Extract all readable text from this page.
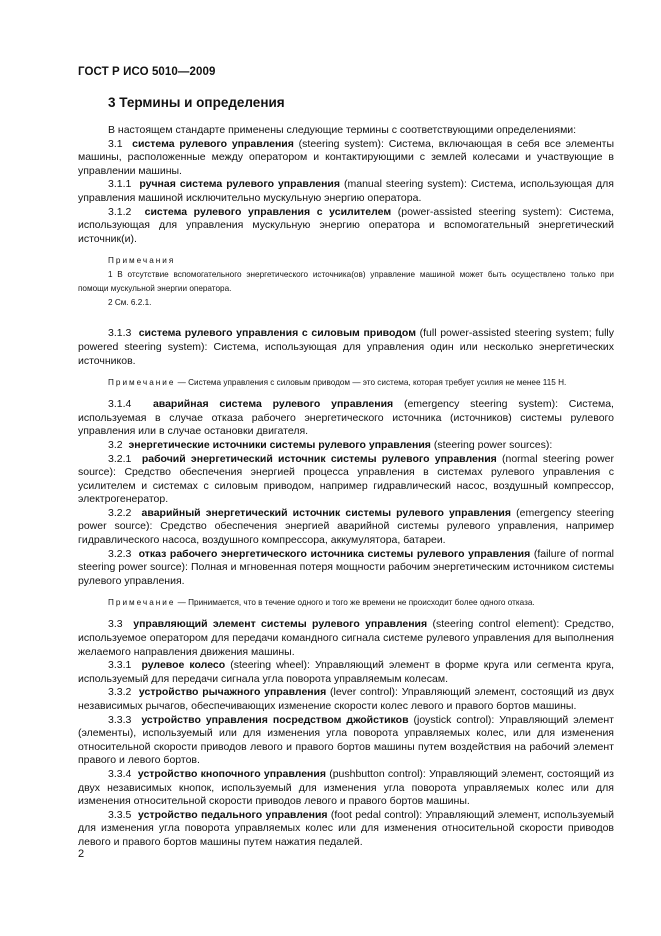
ГОСТ Р ИСО 5010—2009
3 Термины и определения

В настоящем стандарте применены следующие термины с соответствующими определениями:

3.1 система рулевого управления (steering system): Система, включающая в себя все элементы машины, расположенные между оператором и контактирующими с землей колесами и участвующие в управлении машины.

3.1.1 ручная система рулевого управления (manual steering system): Система, использующая для управления машиной исключительно мускульную энергию оператора.

3.1.2 система рулевого управления с усилителем (power-assisted steering system): Система, использующая для управления мускульную энергию оператора и вспомогательный энергетический источник(и).

Примечания

1 В отсутствие вспомогательного энергетического источника(ов) управление машиной может быть осуществлено только при помощи мускульной энергии оператора.

2 См. 6.2.1.

3.1.3 система рулевого управления с силовым приводом (full power-assisted steering system; fully powered steering system): Система, использующая для управления один или несколько энергетических источников.

Примечание — Система управления с силовым приводом — это система, которая требует усилия не менее 115 Н.

3.1.4 аварийная система рулевого управления (emergency steering system): Система, используемая в случае отказа рабочего энергетического источника (источников) системы рулевого управления или в случае остановки двигателя.

3.2 энергетические источники системы рулевого управления (steering power sources):

3.2.1 рабочий энергетический источник системы рулевого управления (normal steering power source): Средство обеспечения энергией процесса управления в системах рулевого управления с усилителем и системах с силовым приводом, например гидравлический насос, воздушный компрессор, электрогенератор.

3.2.2 аварийный энергетический источник системы рулевого управления (emergency steering power source): Средство обеспечения энергией аварийной системы рулевого управления, например гидравлического насоса, воздушного компрессора, аккумулятора, батареи.

3.2.3 отказ рабочего энергетического источника системы рулевого управления (failure of normal steering power source): Полная и мгновенная потеря мощности рабочим энергетическим источником системы рулевого управления.

Примечание — Принимается, что в течение одного и того же времени не происходит более одного отказа.

3.3 управляющий элемент системы рулевого управления (steering control element): Средство, используемое оператором для передачи командного сигнала системе рулевого управления для выполнения желаемого направления движения машины.

3.3.1 рулевое колесо (steering wheel): Управляющий элемент в форме круга или сегмента круга, используемый для передачи сигнала угла поворота управляемым колесам.

3.3.2 устройство рычажного управления (lever control): Управляющий элемент, состоящий из двух независимых рычагов, обеспечивающих изменение скорости колес левого и правого бортов машины.

3.3.3 устройство управления посредством джойстиков (joystick control): Управляющий элемент (элементы), используемый или для изменения угла поворота управляемых колес, или для изменения относительной скорости приводов левого и правого бортов машины путем воздействия на рабочий элемент правого и левого бортов.

3.3.4 устройство кнопочного управления (pushbutton control): Управляющий элемент, состоящий из двух независимых кнопок, используемый для изменения угла поворота управляемых колес или для изменения относительной скорости приводов левого и правого бортов машины.

3.3.5 устройство педального управления (foot pedal control): Управляющий элемент, используемый для изменения угла поворота управляемых колес или для изменения относительной скорости приводов левого и правого бортов машины путем нажатия педалей.

2
